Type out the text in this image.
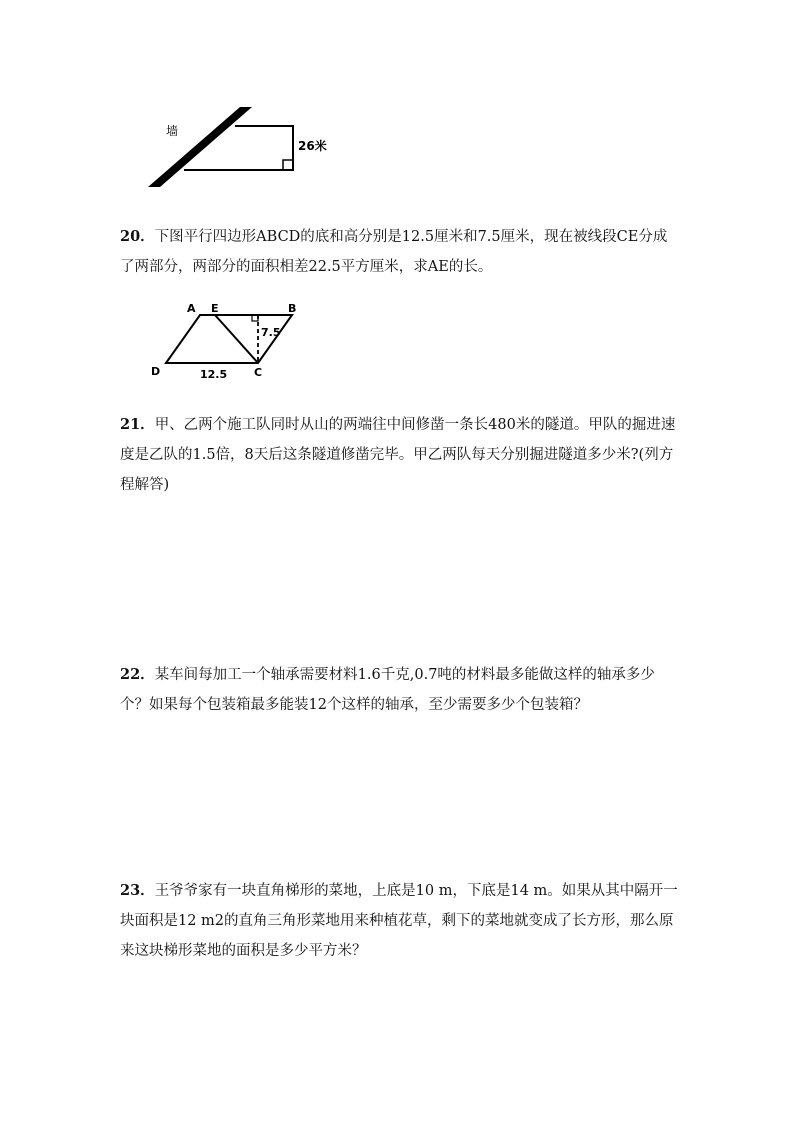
墙
26米
20．下图平行四边形ABCD的底和高分别是12.5厘米和7.5厘米，现在被线段CE分成了两部分，两部分的面积相差22.5平方厘米，求AE的长。
A E	B
D	C
7.5
12.5
21．甲、乙两个施工队同时从山的两端往中间修凿一条长480米的隧道。甲队的掘进速度是乙队的1.5倍，8天后这条隧道修凿完毕。甲乙两队每天分别掘进隧道多少米?(列方程解答)
22．某车间每加工一个轴承需要材料1.6千克,0.7吨的材料最多能做这样的轴承多少个？如果每个包装箱最多能装12个这样的轴承，至少需要多少个包装箱？
23．王爷爷家有一块直角梯形的菜地，上底是10 m，下底是14 m。如果从其中隔开一块面积是12 m2的直角三角形菜地用来种植花草，剩下的菜地就变成了长方形，那么原来这块梯形菜地的面积是多少平方米？
